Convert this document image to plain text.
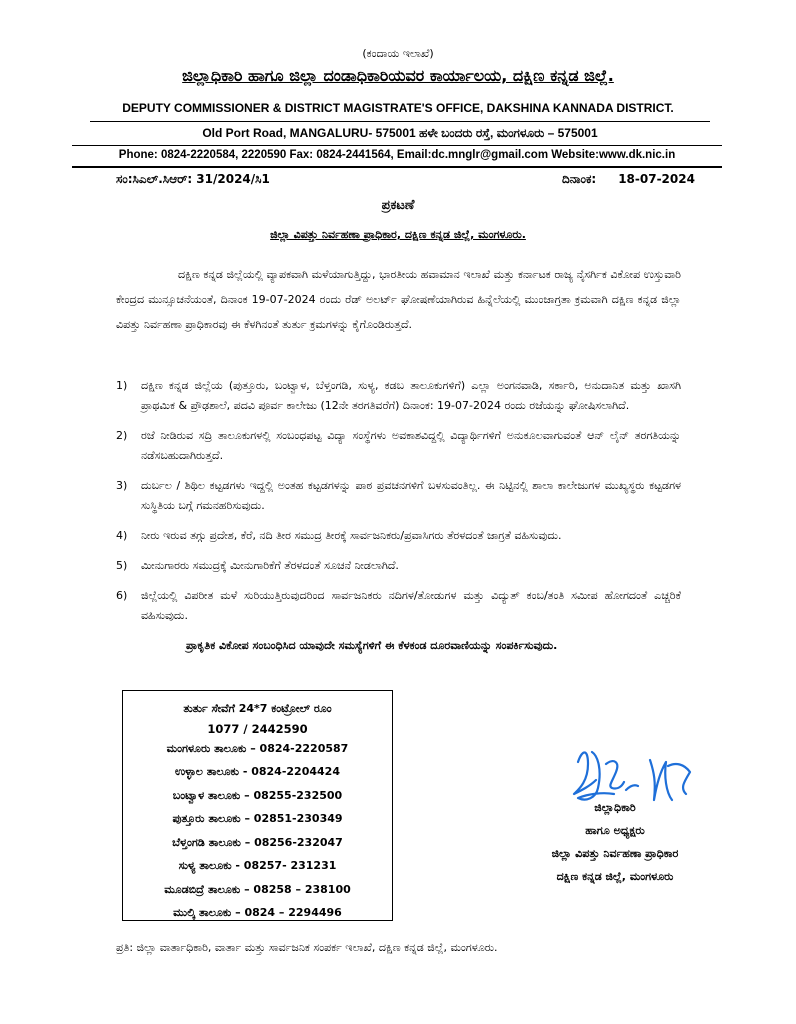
(ಕಂದಾಯ ಇಲಾಖೆ)
ಜಿಲ್ಲಾಧಿಕಾರಿ ಹಾಗೂ ಜಿಲ್ಲಾ ದಂಡಾಧಿಕಾರಿಯವರ ಕಾರ್ಯಾಲಯ, ದಕ್ಷಿಣ ಕನ್ನಡ ಜಿಲ್ಲೆ.
DEPUTY COMMISSIONER & DISTRICT MAGISTRATE'S OFFICE, DAKSHINA KANNADA DISTRICT.
Old Port Road, MANGALURU- 575001 ಹಳೇ ಬಂದರು ರಸ್ತೆ, ಮಂಗಳೂರು – 575001
Phone: 0824-2220584, 2220590 Fax: 0824-2441564, Email:dc.mnglr@gmail.com Website:www.dk.nic.in
ಸಂ:ಸಿಎಲ್.ಸಿಆರ್: 31/2024/ಸಿ1	ದಿನಾಂಕ: 18-07-2024
ಪ್ರಕಟಣೆ
ಜಿಲ್ಲಾ ವಿಪತ್ತು ನಿರ್ವಹಣಾ ಪ್ರಾಧಿಕಾರ, ದಕ್ಷಿಣ ಕನ್ನಡ ಜಿಲ್ಲೆ, ಮಂಗಳೂರು.
ದಕ್ಷಿಣ ಕನ್ನಡ ಜಿಲ್ಲೆಯಲ್ಲಿ ವ್ಯಾಪಕವಾಗಿ ಮಳೆಯಾಗುತ್ತಿದ್ದು, ಭಾರತೀಯ ಹವಾಮಾನ ಇಲಾಖೆ ಮತ್ತು ಕರ್ನಾಟಕ ರಾಜ್ಯ ನೈಸರ್ಗಿಕ ವಿಕೋಪ ಉಸ್ತುವಾರಿ ಕೇಂದ್ರದ ಮುನ್ಸೂಚನೆಯಂತೆ, ದಿನಾಂಕ 19-07-2024 ರಂದು ರೆಡ್ ಅಲರ್ಟ್ ಘೋಷಣೆಯಾಗಿರುವ ಹಿನ್ನೆಲೆಯಲ್ಲಿ ಮುಂಜಾಗ್ರತಾ ಕ್ರಮವಾಗಿ ದಕ್ಷಿಣ ಕನ್ನಡ ಜಿಲ್ಲಾ ವಿಪತ್ತು ನಿರ್ವಹಣಾ ಪ್ರಾಧಿಕಾರವು ಈ ಕೆಳಗಿನಂತೆ ತುರ್ತು ಕ್ರಮಗಳನ್ನು ಕೈಗೊಂಡಿರುತ್ತದೆ.
1) ದಕ್ಷಿಣ ಕನ್ನಡ ಜಿಲ್ಲೆಯ (ಪುತ್ತೂರು, ಬಂಟ್ವಾಳ, ಬೆಳ್ತಂಗಡಿ, ಸುಳ್ಯ, ಕಡಬ ತಾಲೂಕುಗಳಿಗೆ) ಎಲ್ಲಾ ಅಂಗನವಾಡಿ, ಸರ್ಕಾರಿ, ಅನುದಾನಿತ ಮತ್ತು ಖಾಸಗಿ ಪ್ರಾಥಮಿಕ & ಪ್ರೌಢಶಾಲೆ, ಪದವಿ ಪೂರ್ವ ಕಾಲೇಜು (12ನೇ ತರಗತಿವರೆಗೆ) ದಿನಾಂಕ: 19-07-2024 ರಂದು ರಜೆಯನ್ನು ಘೋಷಿಸಲಾಗಿದೆ.
2) ರಜೆ ನೀಡಿರುವ ಸದ್ರಿ ತಾಲೂಕುಗಳಲ್ಲಿ ಸಂಬಂಧಪಟ್ಟ ವಿದ್ಯಾ ಸಂಸ್ಥೆಗಳು ಅವಕಾಶವಿದ್ದಲ್ಲಿ ವಿದ್ಯಾರ್ಥಿಗಳಿಗೆ ಅನುಕೂಲವಾಗುವಂತೆ ಆನ್ ಲೈನ್ ತರಗತಿಯನ್ನು ನಡೆಸಬಹುದಾಗಿರುತ್ತದೆ.
3) ದುರ್ಬಲ / ಶಿಥಿಲ ಕಟ್ಟಡಗಳು ಇದ್ದಲ್ಲಿ ಅಂತಹ ಕಟ್ಟಡಗಳನ್ನು ಪಾಠ ಪ್ರವಚನಗಳಿಗೆ ಬಳಸುವಂತಿಲ್ಲ. ಈ ನಿಟ್ಟಿನಲ್ಲಿ ಶಾಲಾ ಕಾಲೇಜುಗಳ ಮುಖ್ಯಸ್ಥರು ಕಟ್ಟಡಗಳ ಸುಸ್ಥಿತಿಯ ಬಗ್ಗೆ ಗಮನಹರಿಸುವುದು.
4) ನೀರು ಇರುವ ತಗ್ಗು ಪ್ರದೇಶ, ಕೆರೆ, ನದಿ ತೀರ ಸಮುದ್ರ ತೀರಕ್ಕೆ ಸಾರ್ವಜನಿಕರು/ಪ್ರವಾಸಿಗರು ತೆರಳದಂತೆ ಜಾಗ್ರತೆ ವಹಿಸುವುದು.
5) ಮೀನುಗಾರರು ಸಮುದ್ರಕ್ಕೆ ಮೀನುಗಾರಿಕೆಗೆ ತೆರಳದಂತೆ ಸೂಚನೆ ನೀಡಲಾಗಿದೆ.
6) ಜಿಲ್ಲೆಯಲ್ಲಿ ವಿಪರೀತ ಮಳೆ ಸುರಿಯುತ್ತಿರುವುದರಿಂದ ಸಾರ್ವಜನಿಕರು ನದಿಗಳ/ತೋಡುಗಳ ಮತ್ತು ವಿದ್ಯುತ್ ಕಂಬ/ತಂತಿ ಸಮೀಪ ಹೋಗದಂತೆ ಎಚ್ಚರಿಕೆ ವಹಿಸುವುದು.
ಪ್ರಾಕೃತಿಕ ವಿಕೋಪ ಸಂಬಂಧಿಸಿದ ಯಾವುದೇ ಸಮಸ್ಯೆಗಳಿಗೆ ಈ ಕೆಳಕಂಡ ದೂರವಾಣಿಯನ್ನು ಸಂಪರ್ಕಿಸುವುದು.
ತುರ್ತು ಸೇವೆಗೆ 24*7 ಕಂಟ್ರೋಲ್ ರೂಂ
1077 / 2442590
ಮಂಗಳೂರು ತಾಲೂಕು – 0824-2220587
ಉಳ್ಳಾಲ ತಾಲೂಕು - 0824-2204424
ಬಂಟ್ವಾಳ ತಾಲೂಕು – 08255-232500
ಪುತ್ತೂರು ತಾಲೂಕು – 02851-230349
ಬೆಳ್ತಂಗಡಿ ತಾಲೂಕು – 08256-232047
ಸುಳ್ಯ ತಾಲೂಕು - 08257- 231231
ಮೂಡಬಿದ್ರೆ ತಾಲೂಕು – 08258 – 238100
ಮುಲ್ಕಿ ತಾಲೂಕು – 0824 – 2294496
ಜಿಲ್ಲಾಧಿಕಾರಿ
ಹಾಗೂ ಅಧ್ಯಕ್ಷರು
ಜಿಲ್ಲಾ ವಿಪತ್ತು ನಿರ್ವಹಣಾ ಪ್ರಾಧಿಕಾರ
ದಕ್ಷಿಣ ಕನ್ನಡ ಜಿಲ್ಲೆ, ಮಂಗಳೂರು
ಪ್ರತಿ: ಜಿಲ್ಲಾ ವಾರ್ತಾಧಿಕಾರಿ, ವಾರ್ತಾ ಮತ್ತು ಸಾರ್ವಜನಿಕ ಸಂಪರ್ಕ ಇಲಾಖೆ, ದಕ್ಷಿಣ ಕನ್ನಡ ಜಿಲ್ಲೆ, ಮಂಗಳೂರು.
